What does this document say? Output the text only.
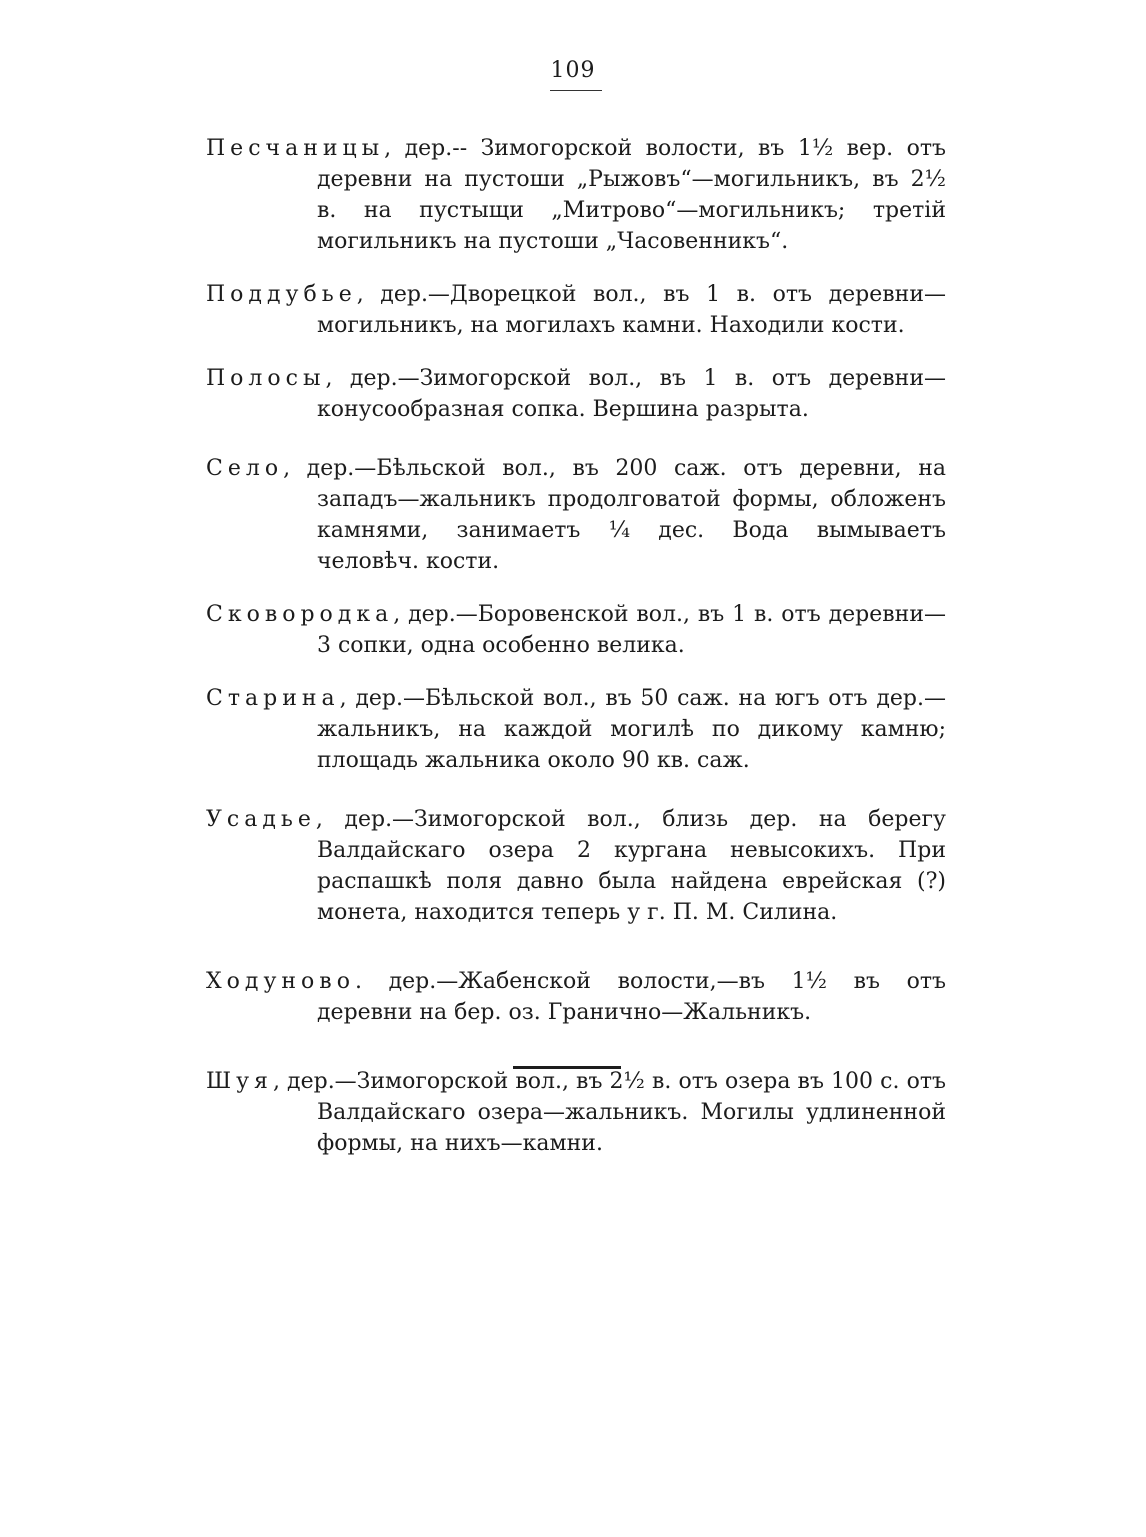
109

Песчаницы, дер.-- Зимогорской волости, въ 1½ вер. отъ деревни на пустоши „Рыжовъ“—могильникъ, въ 2½ в. на пустыщи „Митрово“—могильникъ; третій могильникъ на пустоши „Часовенникъ“.

Поддубье, дер.—Дворецкой вол., въ 1 в. отъ деревни—могильникъ, на могилахъ камни. Находили кости.

Полосы, дер.—Зимогорской вол., въ 1 в. отъ деревни—конусообразная сопка. Вершина разрыта.

Село, дер.—Бѣльской вол., въ 200 саж. отъ деревни, на западъ—жальникъ продолговатой формы, обложенъ камнями, занимаетъ ¼ дес. Вода вымываетъ человѣч. кости.

Сковородка, дер.—Боровенской вол., въ 1 в. отъ деревни—3 сопки, одна особенно велика.

Старина, дер.—Бѣльской вол., въ 50 саж. на югъ отъ дер.—жальникъ, на каждой могилѣ по дикому камню; площадь жальника около 90 кв. саж.

Усадье, дер.—Зимогорской вол., близь дер. на берегу Валдайскаго озера 2 кургана невысокихъ. При распашкѣ поля давно была найдена еврейская (?) монета, находится теперь у г. П. М. Силина.

Ходуново. дер.—Жабенской волости,—въ 1½ въ отъ деревни на бер. оз. Гранично—Жальникъ.

Шуя, дер.—Зимогорской вол., въ 2½ в. отъ озера въ 100 с. отъ Валдайскаго озера—жальникъ. Могилы удлиненной формы, на нихъ—камни.
